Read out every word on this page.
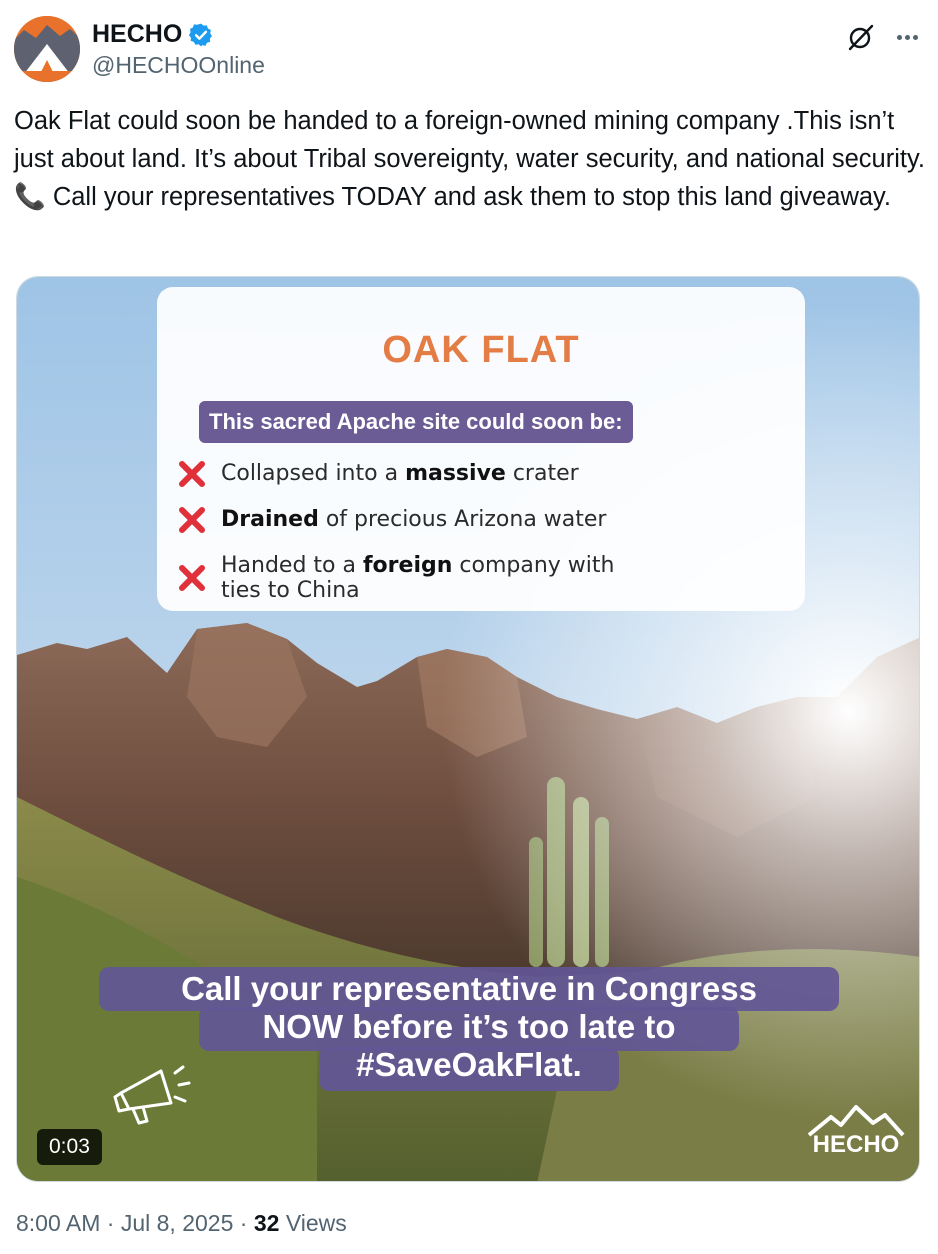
HECHO
@HECHOOnline
Oak Flat could soon be handed to a foreign-owned mining company .This isn’t just about land. It’s about Tribal sovereignty, water security, and national security. 📞 Call your representatives TODAY and ask them to stop this land giveaway.
OAK FLAT
This sacred Apache site could soon be:
Collapsed into a massive crater
Drained of precious Arizona water
Handed to a foreign company with
ties to China
Call your representative in Congress
NOW before it’s too late to
#SaveOakFlat.
0:03	HECHO
8:00 AM · Jul 8, 2025 · 32 Views
